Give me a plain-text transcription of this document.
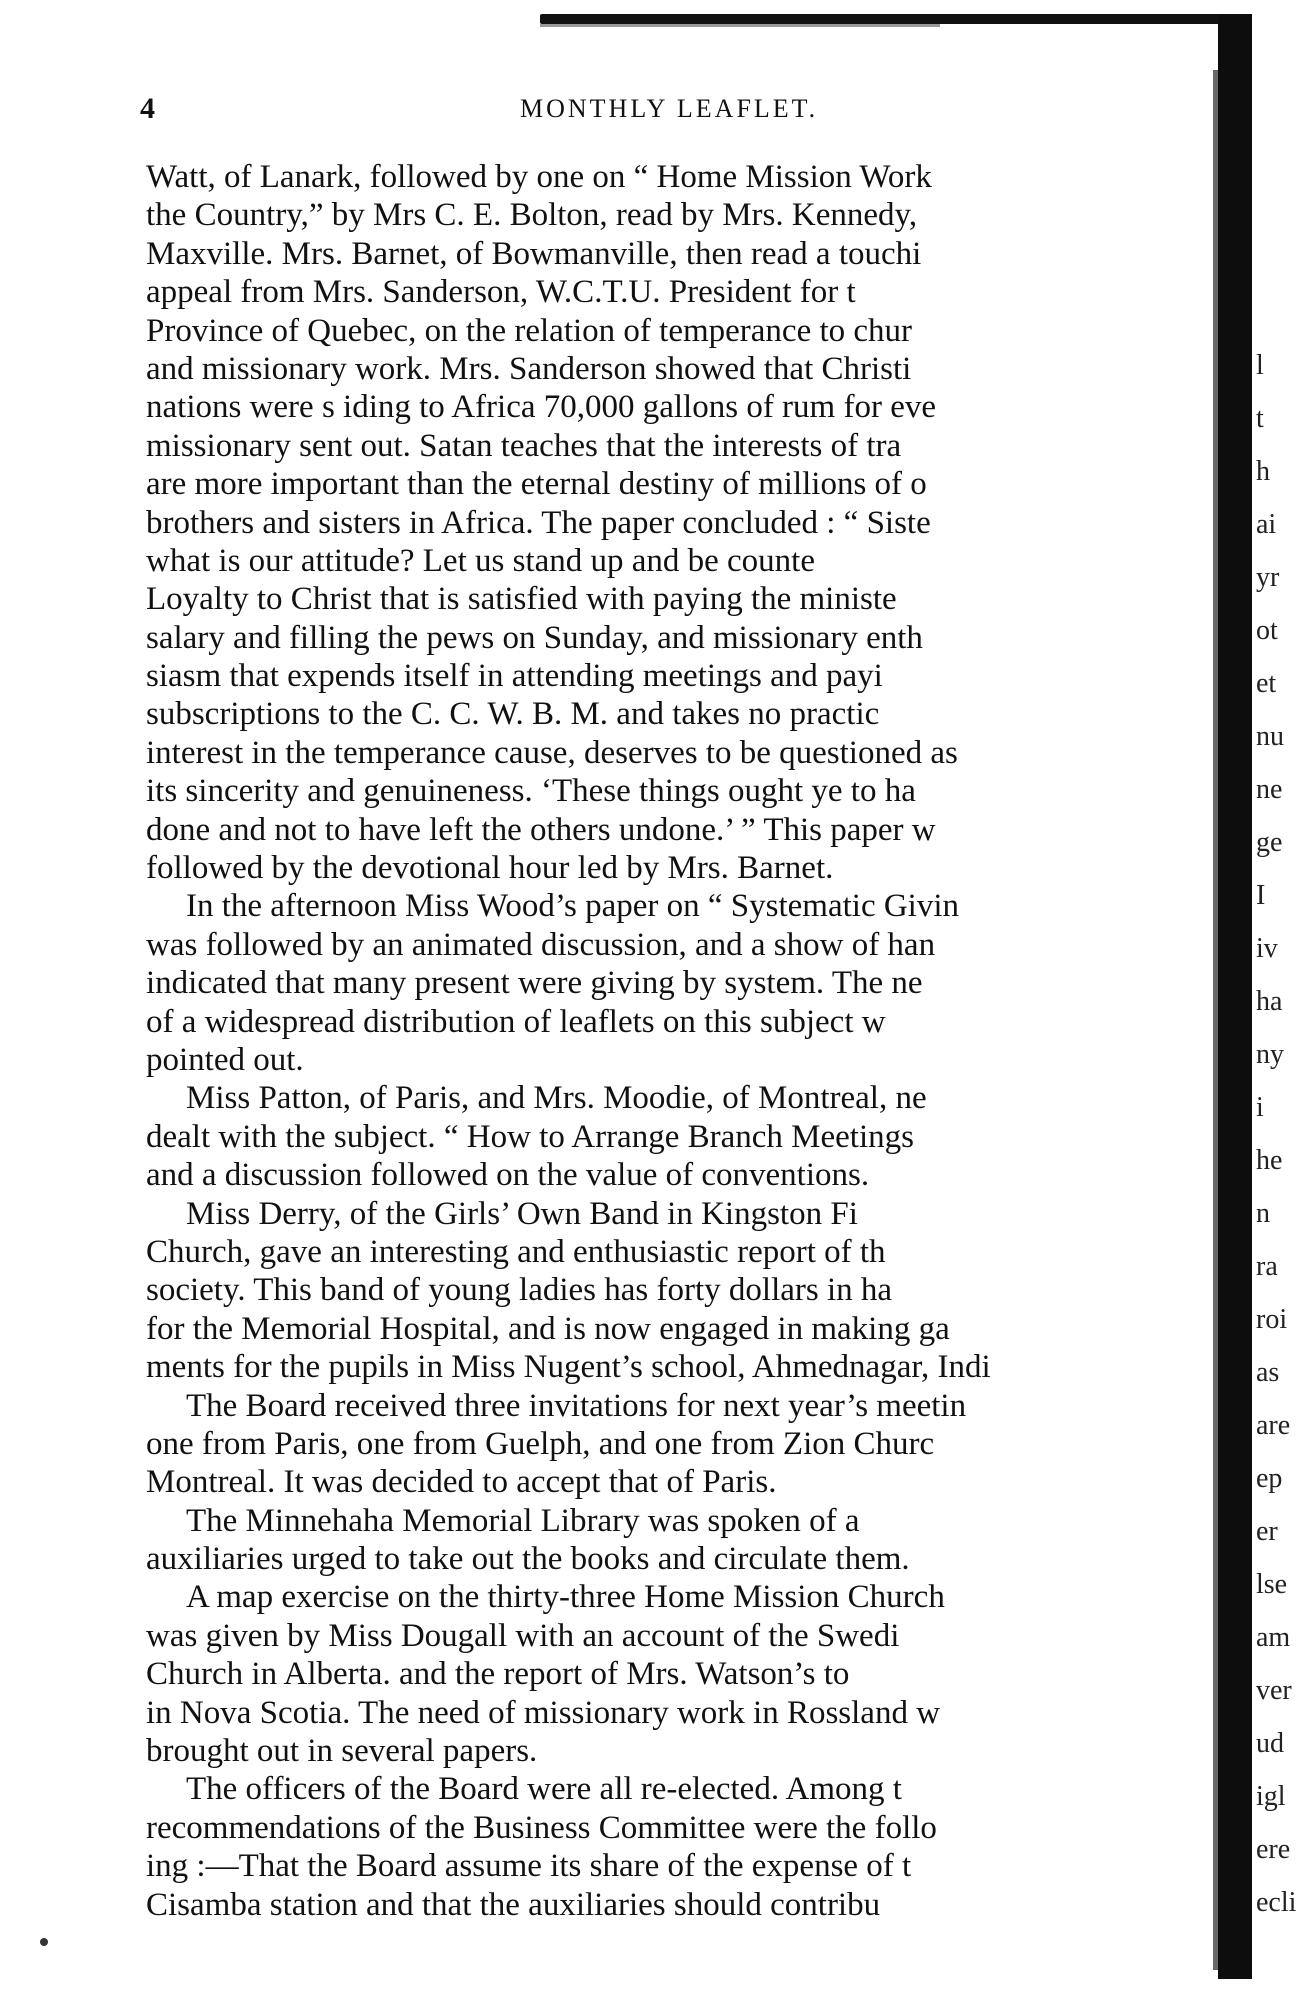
l
t
h
ai
yr
ot
et
nu
ne
ge
I
iv
ha
ny
i
he
n
ra
roi
as
are
ep
er
lse
am
ver
ud
igl
ere
ecli
4	MONTHLY LEAFLET.
Watt, of Lanark, followed by one on “ Home Mission Work
the Country,” by Mrs C. E. Bolton, read by Mrs. Kennedy,
Maxville. Mrs. Barnet, of Bowmanville, then read a touchi
appeal from Mrs. Sanderson, W.C.T.U. President for t
Province of Quebec, on the relation of temperance to chur
and missionary work. Mrs. Sanderson showed that Christi
nations were s iding to Africa 70,000 gallons of rum for eve
missionary sent out. Satan teaches that the interests of tra
are more important than the eternal destiny of millions of o
brothers and sisters in Africa. The paper concluded : “ Siste
what is our attitude? Let us stand up and be counte
Loyalty to Christ that is satisfied with paying the ministe
salary and filling the pews on Sunday, and missionary enth
siasm that expends itself in attending meetings and payi
subscriptions to the C. C. W. B. M. and takes no practic
interest in the temperance cause, deserves to be questioned as
its sincerity and genuineness. ‘These things ought ye to ha
done and not to have left the others undone.’ ” This paper w
followed by the devotional hour led by Mrs. Barnet.
In the afternoon Miss Wood’s paper on “ Systematic Givin
was followed by an animated discussion, and a show of han
indicated that many present were giving by system. The ne
of a widespread distribution of leaflets on this subject w
pointed out.
Miss Patton, of Paris, and Mrs. Moodie, of Montreal, ne
dealt with the subject. “ How to Arrange Branch Meetings
and a discussion followed on the value of conventions.
Miss Derry, of the Girls’ Own Band in Kingston Fi
Church, gave an interesting and enthusiastic report of th
society. This band of young ladies has forty dollars in ha
for the Memorial Hospital, and is now engaged in making ga
ments for the pupils in Miss Nugent’s school, Ahmednagar, Indi
The Board received three invitations for next year’s meetin
one from Paris, one from Guelph, and one from Zion Churc
Montreal. It was decided to accept that of Paris.
The Minnehaha Memorial Library was spoken of a
auxiliaries urged to take out the books and circulate them.
A map exercise on the thirty-three Home Mission Church
was given by Miss Dougall with an account of the Swedi
Church in Alberta. and the report of Mrs. Watson’s to
in Nova Scotia. The need of missionary work in Rossland w
brought out in several papers.
The officers of the Board were all re-elected. Among t
recommendations of the Business Committee were the follo
ing :—That the Board assume its share of the expense of t
Cisamba station and that the auxiliaries should contribu
